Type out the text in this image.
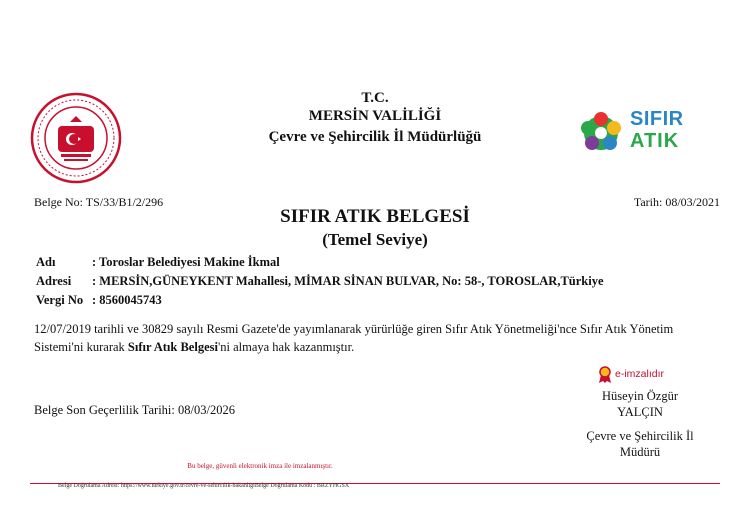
T.C.
MERSİN VALİLİĞİ
Çevre ve Şehircilik İl Müdürlüğü
SIFIR
ATIK
Belge No: TS/33/B1/2/296	Tarih: 08/03/2021
SIFIR ATIK BELGESİ
(Temel Seviye)
Adı	: Toroslar Belediyesi Makine İkmal
Adresi : MERSİN,GÜNEYKENT Mahallesi, MİMAR SİNAN BULVAR, No: 58-, TOROSLAR,Türkiye
Vergi No : 8560045743
12/07/2019 tarihli ve 30829 sayılı Resmi Gazete'de yayımlanarak yürürlüğe giren Sıfır Atık Yönetmeliği'nce Sıfır Atık Yönetim Sistemi'ni kurarak Sıfır Atık Belgesi'ni almaya hak kazanmıştır.
e-imzalıdır
Hüseyin Özgür
YALÇIN
Çevre ve Şehircilik İl
Müdürü
Belge Son Geçerlilik Tarihi: 08/03/2026
Bu belge, güvenli elektronik imza ile imzalanmıştır.
Belge Doğrulama Adresi: https://www.turkiye.gov.tr/cevre-ve-sehircilik-bakanligiBelge Doğrulama Kodu : BRZYHGSX
